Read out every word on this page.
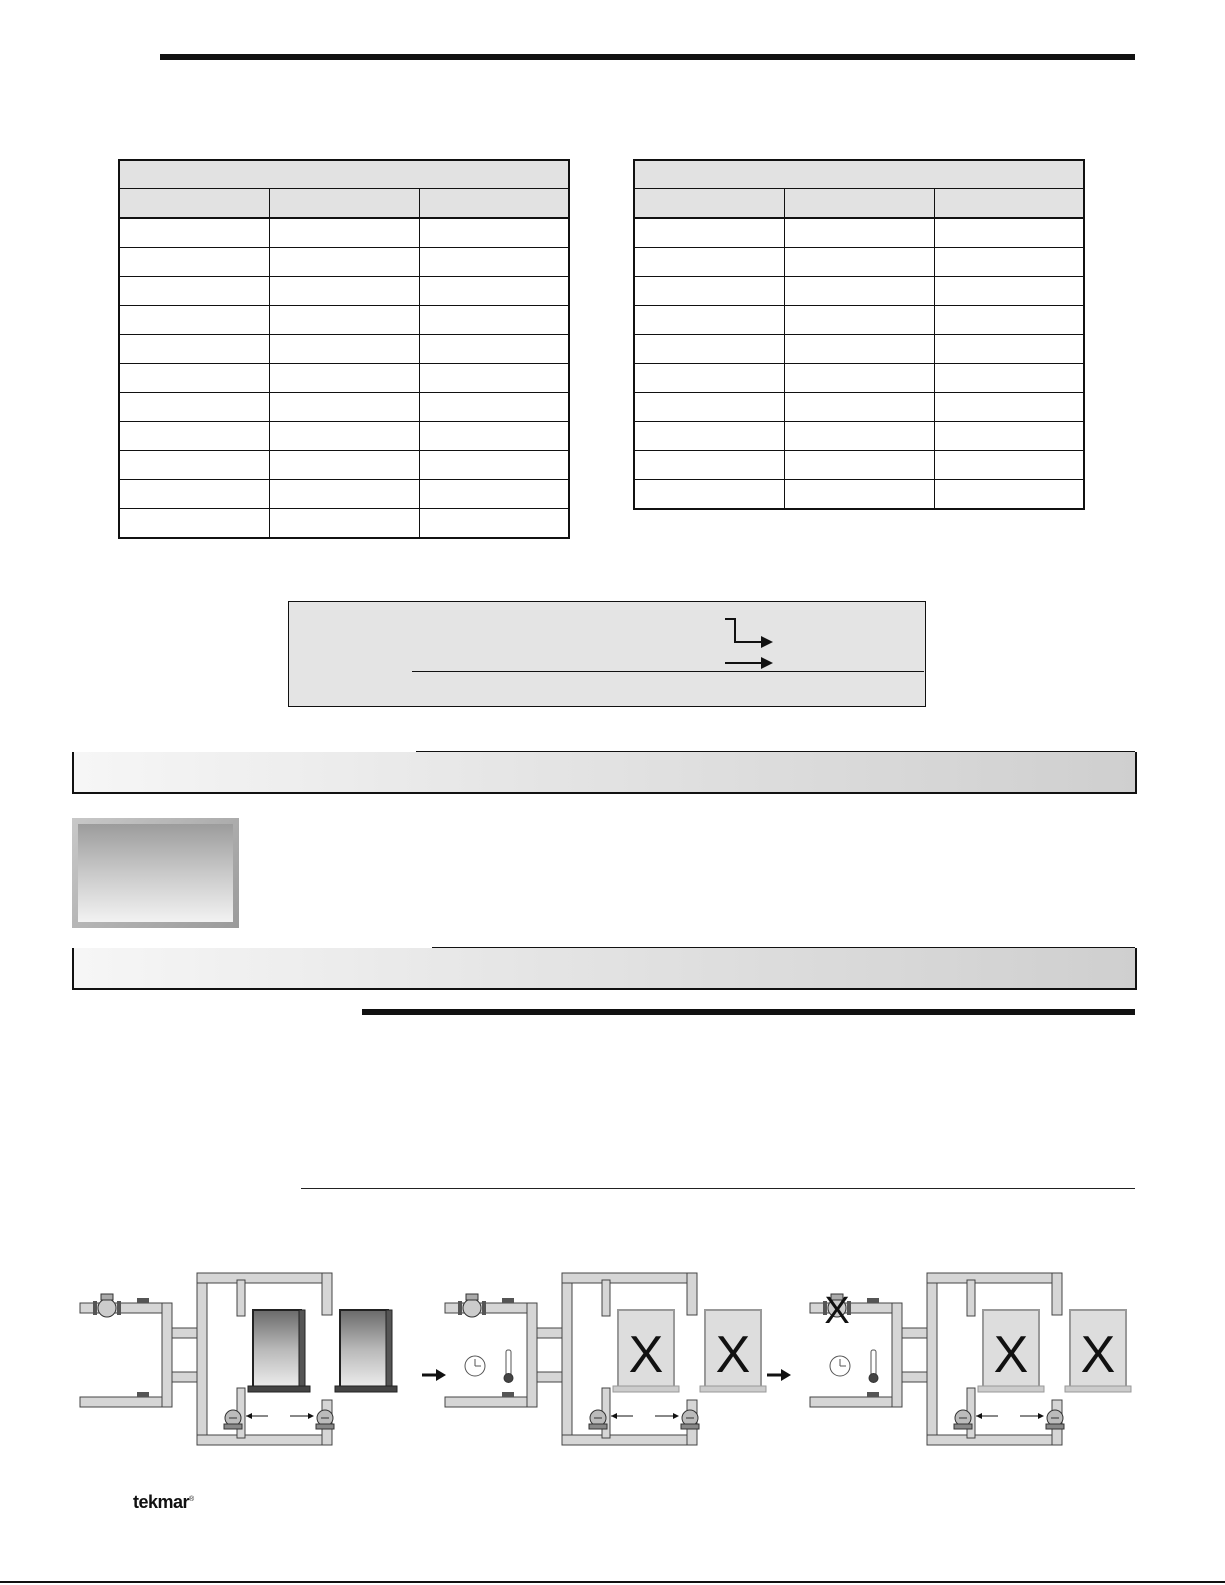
X X
X
X X
tekmar®
